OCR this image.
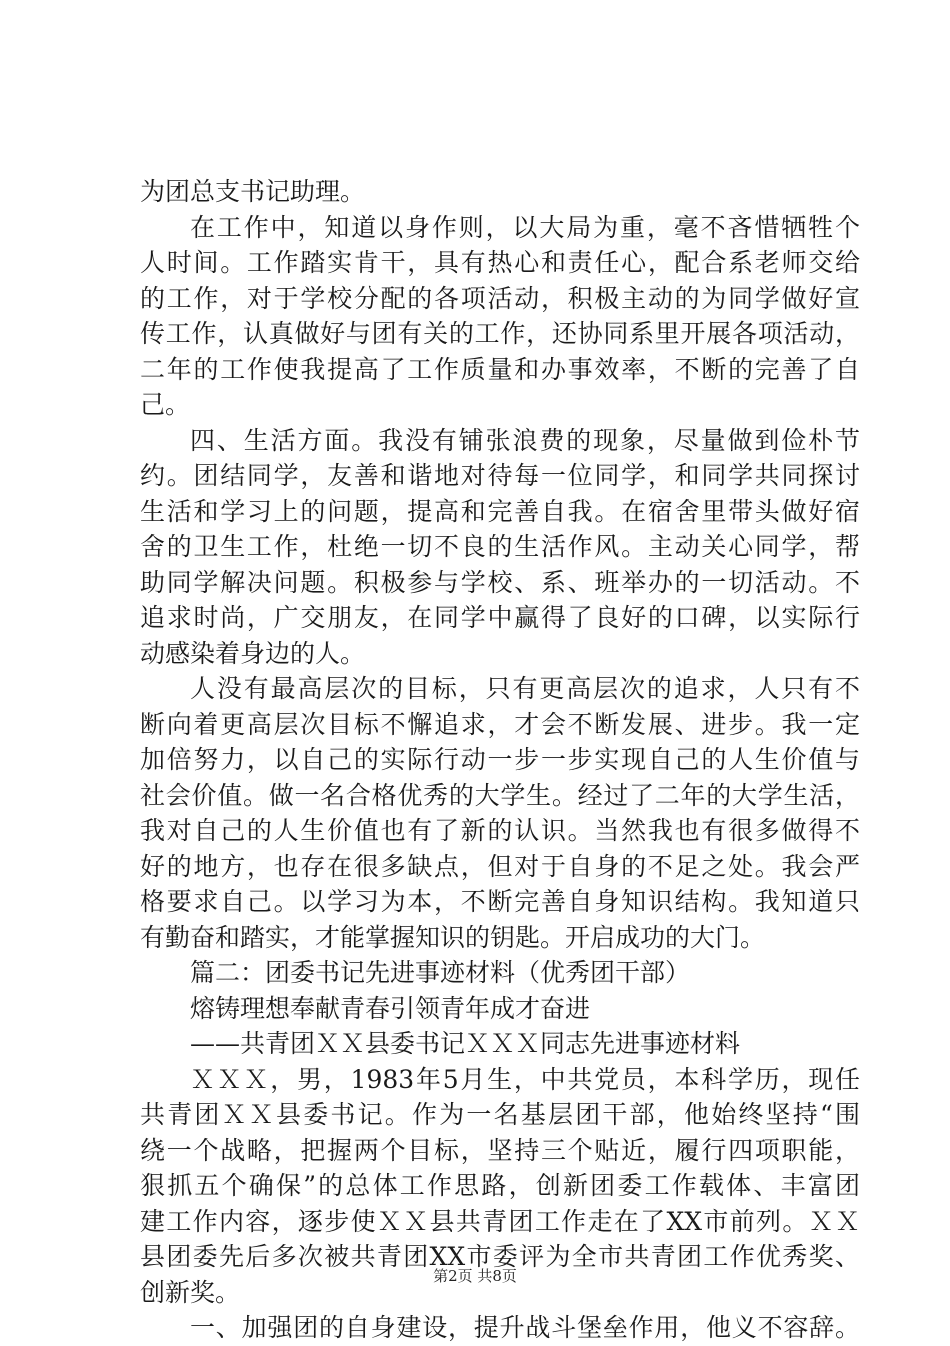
为团总支书记助理。
在工作中，知道以身作则，以大局为重，毫不吝惜牺牲个
人时间。工作踏实肯干，具有热心和责任心，配合系老师交给
的工作，对于学校分配的各项活动，积极主动的为同学做好宣
传工作，认真做好与团有关的工作，还协同系里开展各项活动，
二年的工作使我提高了工作质量和办事效率，不断的完善了自
己。
四、生活方面。我没有铺张浪费的现象，尽量做到俭朴节
约。团结同学，友善和谐地对待每一位同学，和同学共同探讨
生活和学习上的问题，提高和完善自我。在宿舍里带头做好宿
舍的卫生工作，杜绝一切不良的生活作风。主动关心同学，帮
助同学解决问题。积极参与学校、系、班举办的一切活动。不
追求时尚，广交朋友，在同学中赢得了良好的口碑，以实际行
动感染着身边的人。
人没有最高层次的目标，只有更高层次的追求，人只有不
断向着更高层次目标不懈追求，才会不断发展、进步。我一定
加倍努力，以自己的实际行动一步一步实现自己的人生价值与
社会价值。做一名合格优秀的大学生。经过了二年的大学生活，
我对自己的人生价值也有了新的认识。当然我也有很多做得不
好的地方，也存在很多缺点，但对于自身的不足之处。我会严
格要求自己。以学习为本，不断完善自身知识结构。我知道只
有勤奋和踏实，才能掌握知识的钥匙。开启成功的大门。
篇二：团委书记先进事迹材料（优秀团干部）
熔铸理想奉献青春引领青年成才奋进
——共青团ＸＸ县委书记ＸＸＸ同志先进事迹材料
ＸＸＸ，男，1983年5月生，中共党员，本科学历，现任
共青团ＸＸ县委书记。作为一名基层团干部，他始终坚持“围
绕一个战略，把握两个目标，坚持三个贴近，履行四项职能，
狠抓五个确保”的总体工作思路，创新团委工作载体、丰富团
建工作内容，逐步使ＸＸ县共青团工作走在了XX市前列。ＸＸ
县团委先后多次被共青团XX市委评为全市共青团工作优秀奖、
创新奖。
一、加强团的自身建设，提升战斗堡垒作用，他义不容辞。
第2页 共8页
